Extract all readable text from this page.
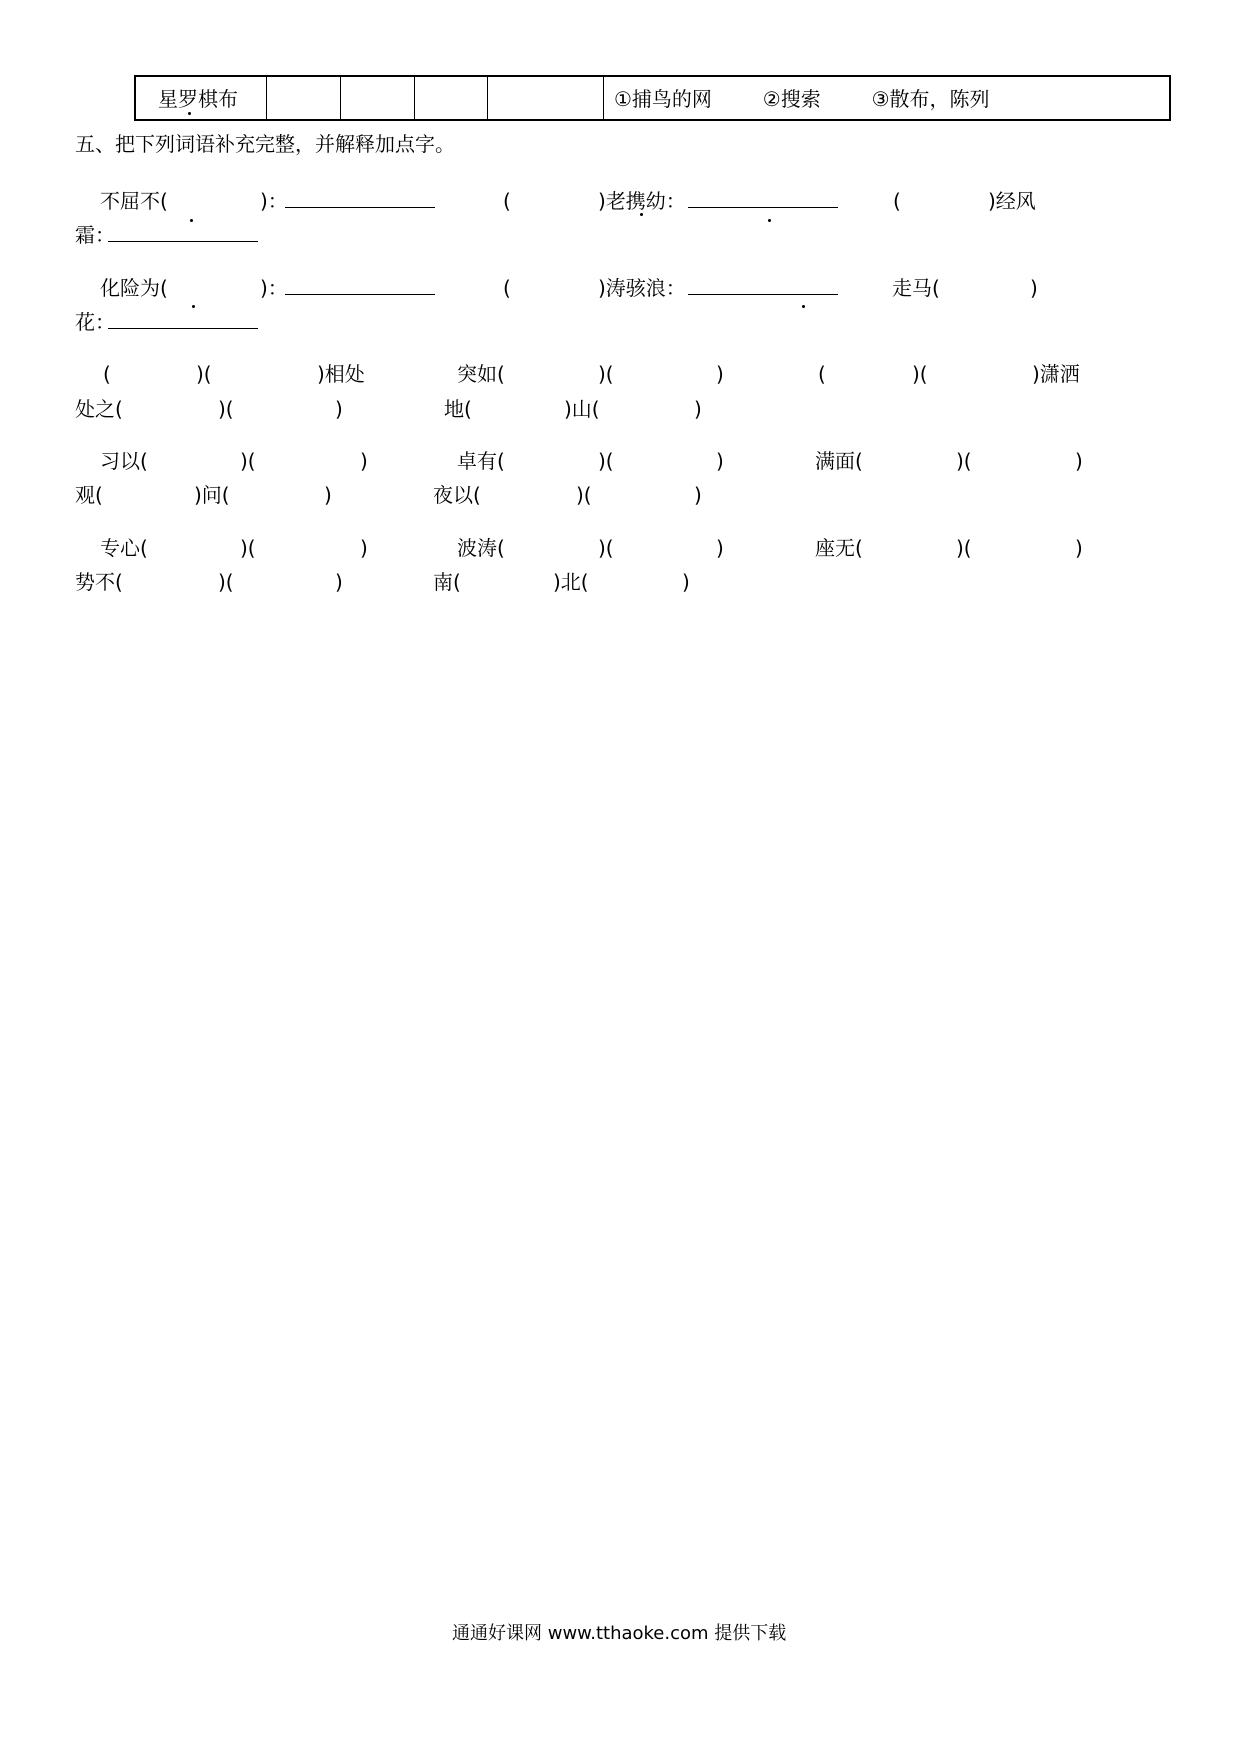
星罗棋布	①捕鸟的网        ②搜索        ③散布，陈列
五、把下列词语补充完整，并解释加点字。
不屈不(	)：	(	)老携幼：	(	)经风
霜：
化险为(	)：	(	)涛骇浪：	走马(	)
花：
(	)(	)相处	突如(	)(	)	(	)(	)潇洒
处之(	)(	)	地(	)山(	)
习以(	)(	)	卓有(	)(	)	满面(	)(	)
观(	)问(	)	夜以(	)(	)
专心(	)(	)	波涛(	)(	)	座无(	)(	)
势不(	)(	)	南(	)北(	)
通通好课网 www.tthaoke.com 提供下载
